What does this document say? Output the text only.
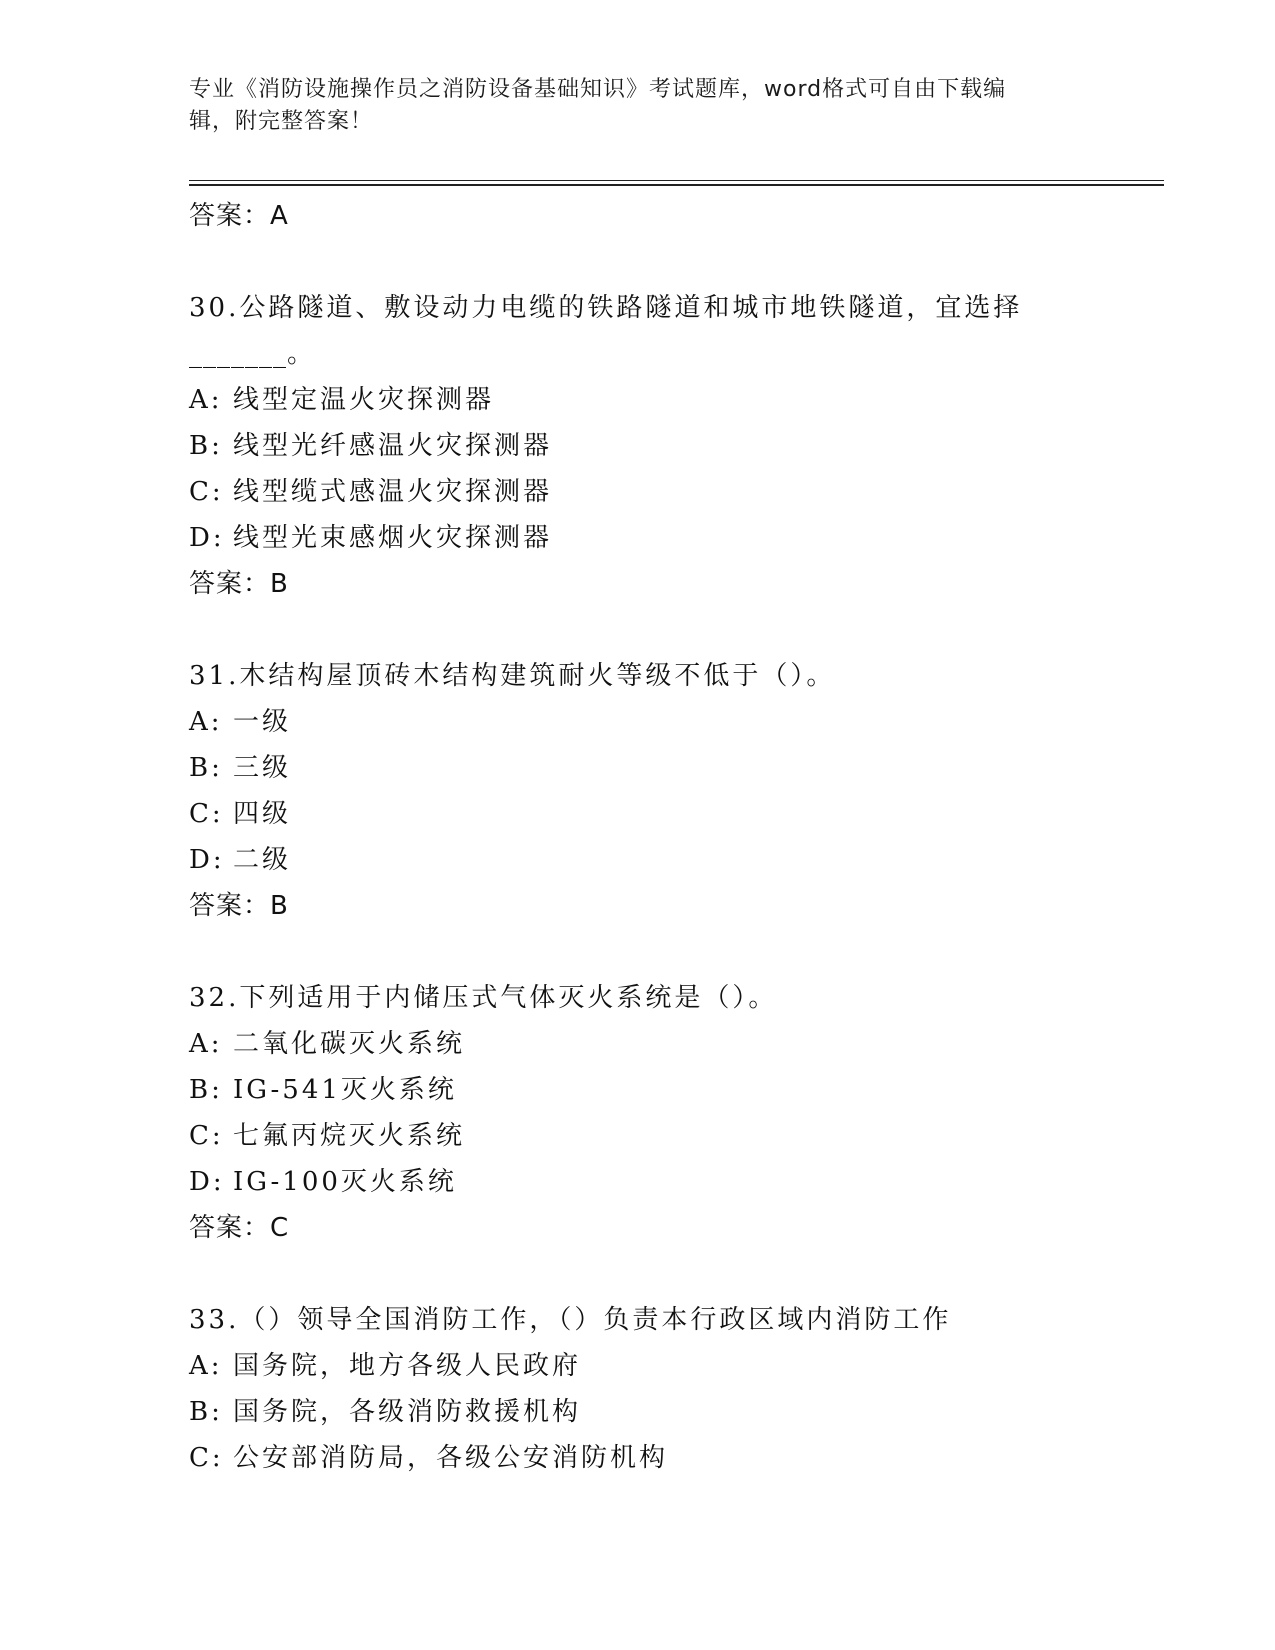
专业《消防设施操作员之消防设备基础知识》考试题库，word格式可自由下载编
辑，附完整答案！
答案：A
30.公路隧道、敷设动力电缆的铁路隧道和城市地铁隧道，宜选择
_______。
A: 线型定温火灾探测器
B: 线型光纤感温火灾探测器
C: 线型缆式感温火灾探测器
D: 线型光束感烟火灾探测器
答案：B
31.木结构屋顶砖木结构建筑耐火等级不低于（）。
A: 一级
B: 三级
C: 四级
D: 二级
答案：B
32.下列适用于内储压式气体灭火系统是（）。
A: 二氧化碳灭火系统
B: IG-541灭火系统
C: 七氟丙烷灭火系统
D: IG-100灭火系统
答案：C
33.（）领导全国消防工作，（）负责本行政区域内消防工作
A: 国务院，地方各级人民政府
B: 国务院，各级消防救援机构
C: 公安部消防局，各级公安消防机构
